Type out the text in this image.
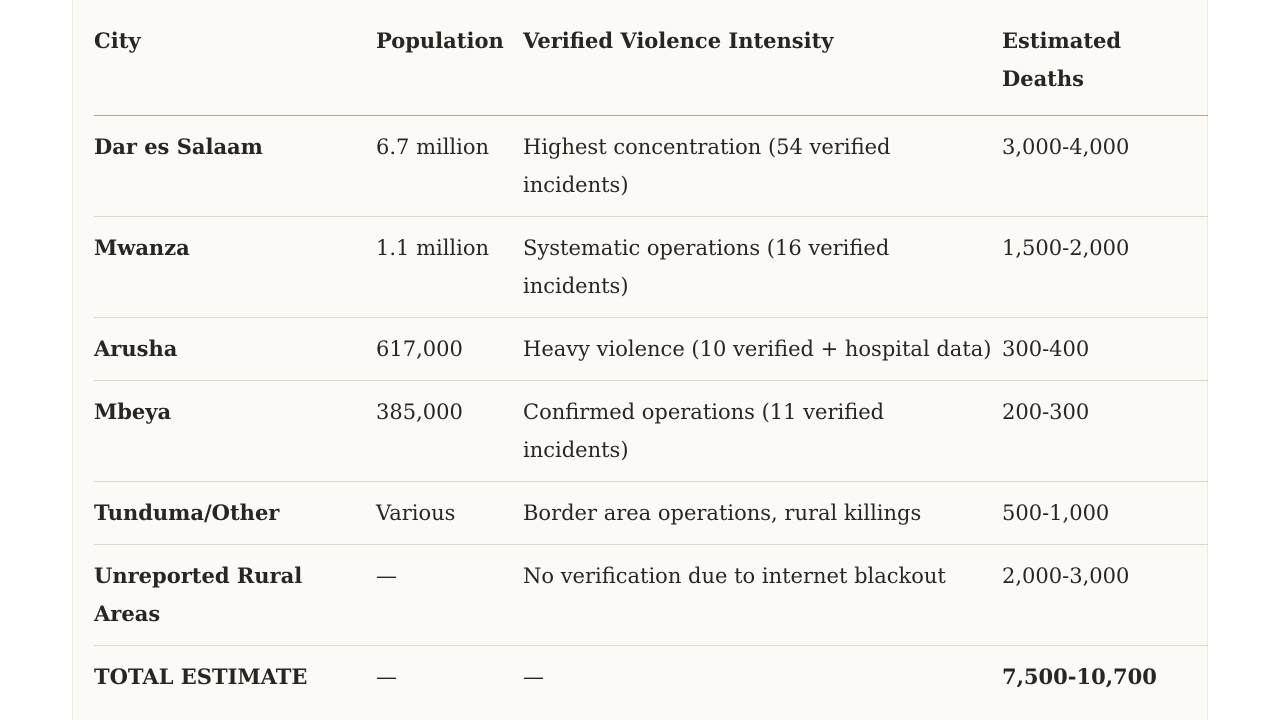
City	Population	Verified Violence Intensity	Estimated Deaths
Dar es Salaam	6.7 million	Highest concentration (54 verified incidents)	3,000-4,000
Mwanza	1.1 million	Systematic operations (16 verified incidents)	1,500-2,000
Arusha	617,000	Heavy violence (10 verified + hospital data)	300-400
Mbeya	385,000	Confirmed operations (11 verified incidents)	200-300
Tunduma/Other	Various	Border area operations, rural killings	500-1,000
Unreported Rural Areas	—	No verification due to internet blackout	2,000-3,000
TOTAL ESTIMATE	—	—	7,500-10,700
